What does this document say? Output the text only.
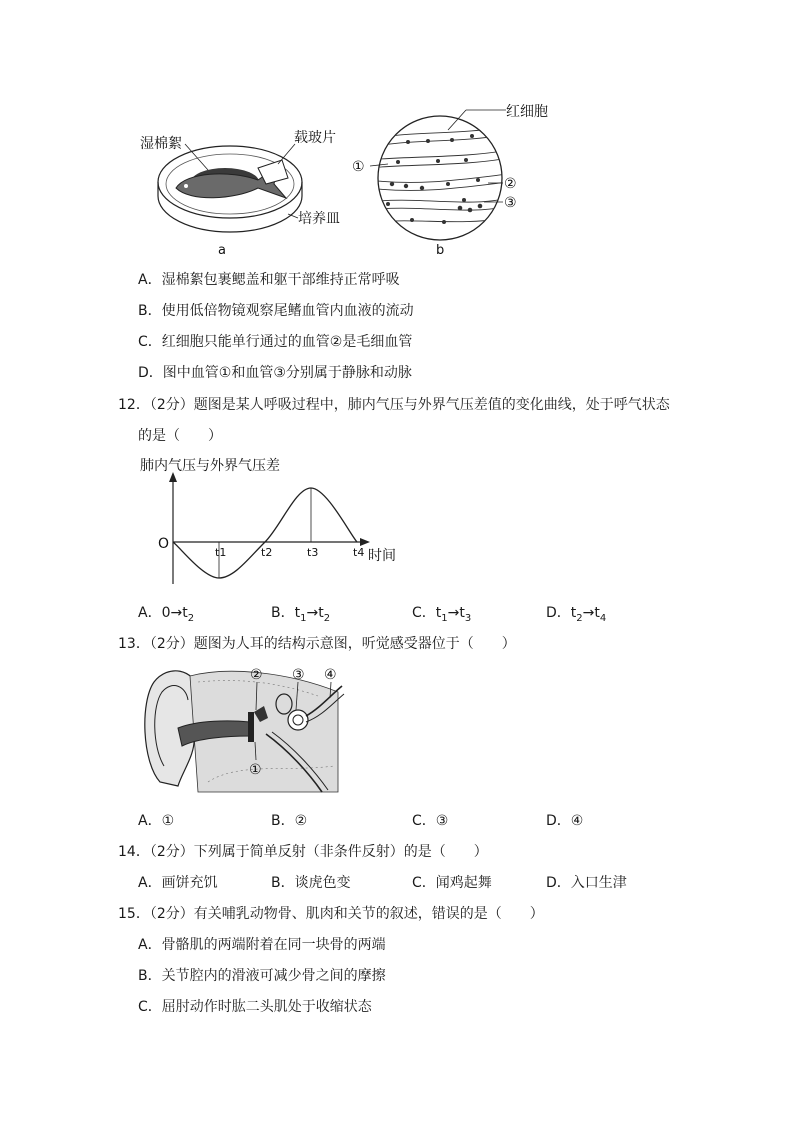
湿棉絮	载玻片
培养皿
a
红细胞
①
②
③
b
A．湿棉絮包裹鳃盖和躯干部维持正常呼吸
B．使用低倍物镜观察尾鳍血管内血液的流动
C．红细胞只能单行通过的血管②是毛细血管
D．图中血管①和血管③分别属于静脉和动脉
12．（2分）题图是某人呼吸过程中，肺内气压与外界气压差值的变化曲线，处于呼气状态
的是（　　）
肺内气压与外界气压差
O
时间
t1	t2	t3	t4
A．$0\to t_2$	B．$t_1\to t_2$	C．$t_1\to t_3$	D．$t_2\to t_4$
13．（2分）题图为人耳的结构示意图，听觉感受器位于（　　）
② ③ ④
①
A．①	B．②	C．③	D．④
14．（2分）下列属于简单反射（非条件反射）的是（　　）
A．画饼充饥	B．谈虎色变	C．闻鸡起舞	D．入口生津
15．（2分）有关哺乳动物骨、肌肉和关节的叙述，错误的是（　　）
A．骨骼肌的两端附着在同一块骨的两端
B．关节腔内的滑液可减少骨之间的摩擦
C．屈肘动作时肱二头肌处于收缩状态
